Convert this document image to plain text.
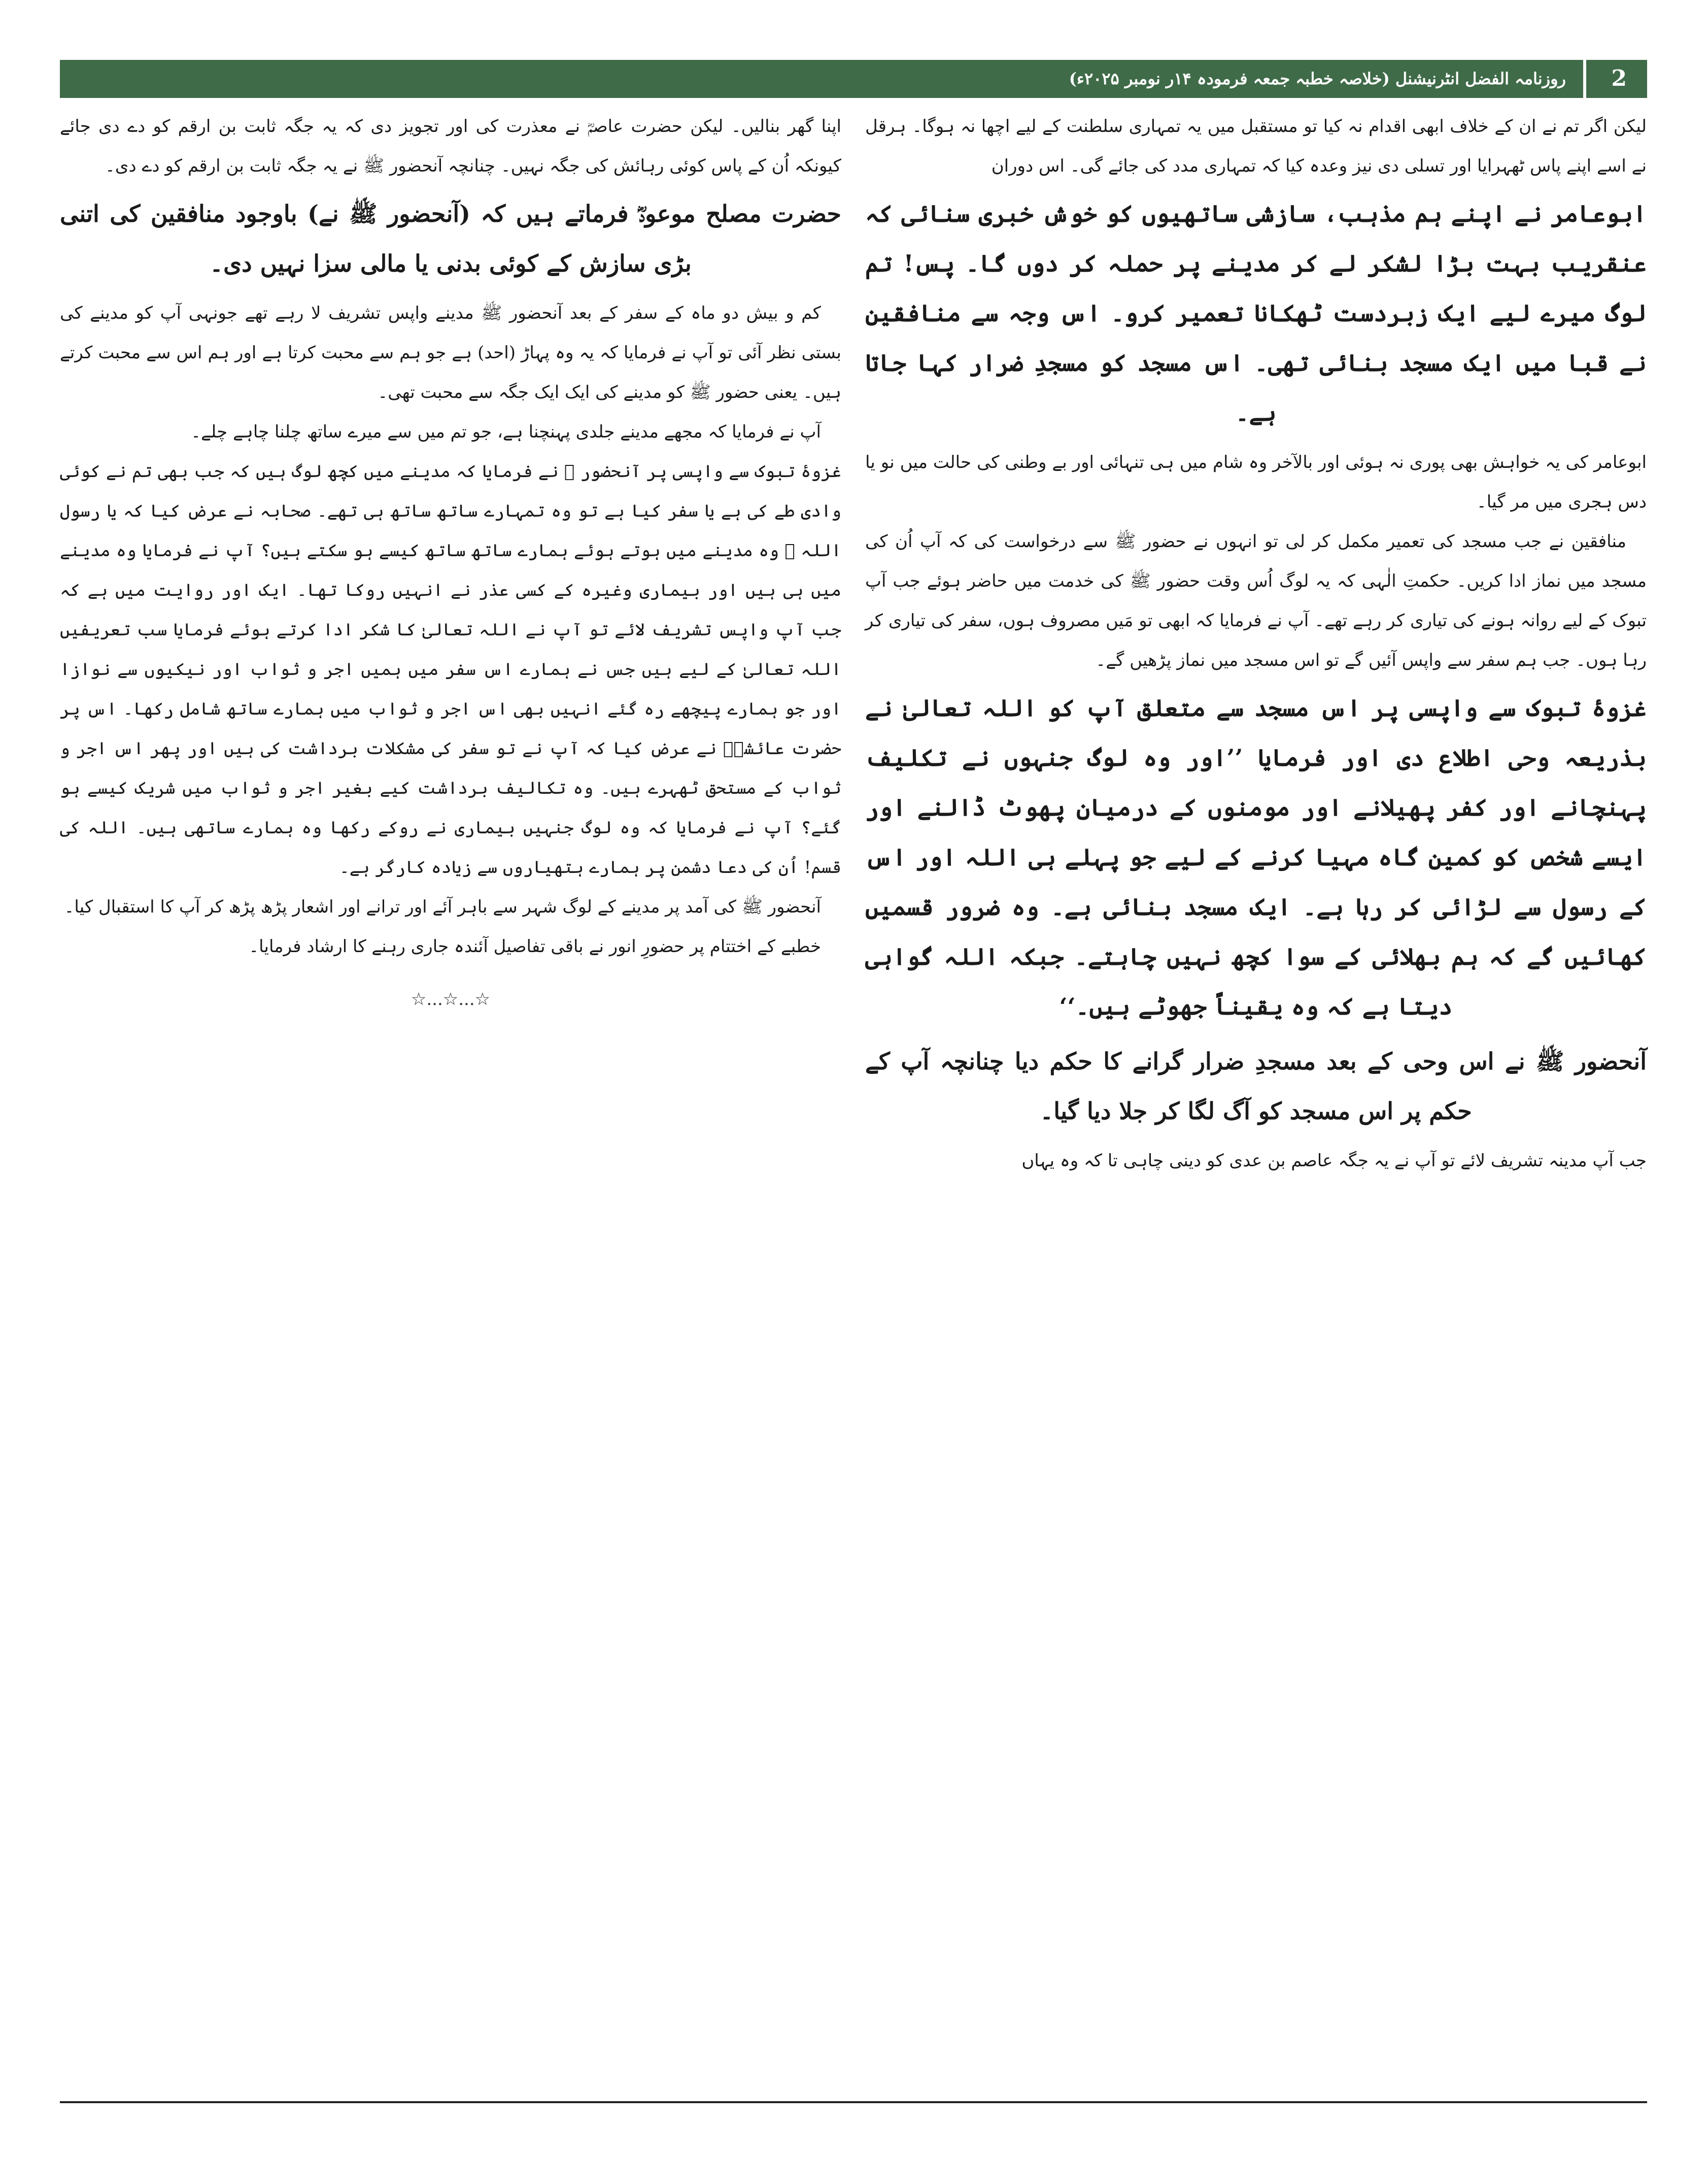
2
روزنامہ الفضل انٹرنیشنل (خلاصہ خطبہ جمعہ فرمودہ ۱۴ر نومبر ۲۰۲۵ء)

لیکن اگر تم نے ان کے خلاف ابھی اقدام نہ کیا تو مستقبل میں یہ تمہاری سلطنت کے لیے اچھا نہ ہوگا۔ ہرقل نے اسے اپنے پاس ٹھہرایا اور تسلی دی نیز وعدہ کیا کہ تمہاری مدد کی جائے گی۔ اس دوران

ابوعامر نے اپنے ہم مذہب، سازشی ساتھیوں کو خوش خبری سنائی کہ عنقریب بہت بڑا لشکر لے کر مدینے پر حملہ کر دوں گا۔ پس! تم لوگ میرے لیے ایک زبردست ٹھکانا تعمیر کرو۔ اس وجہ سے منافقین نے قبا میں ایک مسجد بنائی تھی۔ اس مسجد کو مسجدِ ضرار کہا جاتا ہے۔

ابوعامر کی یہ خواہش بھی پوری نہ ہوئی اور بالآخر وہ شام میں ہی تنہائی اور بے وطنی کی حالت میں نو یا دس ہجری میں مر گیا۔

منافقین نے جب مسجد کی تعمیر مکمل کر لی تو انہوں نے حضور ﷺ سے درخواست کی کہ آپ اُن کی مسجد میں نماز ادا کریں۔ حکمتِ الٰہی کہ یہ لوگ اُس وقت حضور ﷺ کی خدمت میں حاضر ہوئے جب آپ تبوک کے لیے روانہ ہونے کی تیاری کر رہے تھے۔ آپ نے فرمایا کہ ابھی تو مَیں مصروف ہوں، سفر کی تیاری کر رہا ہوں۔ جب ہم سفر سے واپس آئیں گے تو اس مسجد میں نماز پڑھیں گے۔

غزوۂ تبوک سے واپسی پر اس مسجد سے متعلق آپ کو اللہ تعالیٰ نے بذریعہ وحی اطلاع دی اور فرمایا ’’اور وہ لوگ جنہوں نے تکلیف پہنچانے اور کفر پھیلانے اور مومنوں کے درمیان پھوٹ ڈالنے اور ایسے شخص کو کمین گاہ مہیا کرنے کے لیے جو پہلے ہی اللہ اور اس کے رسول سے لڑائی کر رہا ہے۔ ایک مسجد بنائی ہے۔ وہ ضرور قسمیں کھائیں گے کہ ہم بھلائی کے سوا کچھ نہیں چاہتے۔ جبکہ اللہ گواہی دیتا ہے کہ وہ یقیناً جھوٹے ہیں۔‘‘

آنحضور ﷺ نے اس وحی کے بعد مسجدِ ضرار گرانے کا حکم دیا چنانچہ آپ کے حکم پر اس مسجد کو آگ لگا کر جلا دیا گیا۔

جب آپ مدینہ تشریف لائے تو آپ نے یہ جگہ عاصم بن عدی کو دینی چاہی تا کہ وہ یہاں

اپنا گھر بنالیں۔ لیکن حضرت عاصمؓ نے معذرت کی اور تجویز دی کہ یہ جگہ ثابت بن ارقم کو دے دی جائے کیونکہ اُن کے پاس کوئی رہائش کی جگہ نہیں۔ چنانچہ آنحضور ﷺ نے یہ جگہ ثابت بن ارقم کو دے دی۔

حضرت مصلح موعودؓ فرماتے ہیں کہ (آنحضور ﷺ نے) باوجود منافقین کی اتنی بڑی سازش کے کوئی بدنی یا مالی سزا نہیں دی۔

کم و بیش دو ماہ کے سفر کے بعد آنحضور ﷺ مدینے واپس تشریف لا رہے تھے جونہی آپ کو مدینے کی بستی نظر آئی تو آپ نے فرمایا کہ یہ وہ پہاڑ (احد) ہے جو ہم سے محبت کرتا ہے اور ہم اس سے محبت کرتے ہیں۔ یعنی حضور ﷺ کو مدینے کی ایک ایک جگہ سے محبت تھی۔

آپ نے فرمایا کہ مجھے مدینے جلدی پہنچنا ہے، جو تم میں سے میرے ساتھ چلنا چاہے چلے۔

غزوۂ تبوک سے واپسی پر آنحضور ﷺ نے فرمایا کہ مدینے میں کچھ لوگ ہیں کہ جب بھی تم نے کوئی وادی طے کی ہے یا سفر کیا ہے تو وہ تمہارے ساتھ ساتھ ہی تھے۔ صحابہ نے عرض کیا کہ یا رسول اللہ ﷺ وہ مدینے میں ہوتے ہوئے ہمارے ساتھ ساتھ کیسے ہو سکتے ہیں؟ آپ نے فرمایا وہ مدینے میں ہی ہیں اور بیماری وغیرہ کے کسی عذر نے انہیں روکا تھا۔ ایک اور روایت میں ہے کہ جب آپ واپس تشریف لائے تو آپ نے اللہ تعالیٰ کا شکر ادا کرتے ہوئے فرمایا سب تعریفیں اللہ تعالیٰ کے لیے ہیں جس نے ہمارے اس سفر میں ہمیں اجر و ثواب اور نیکیوں سے نوازا اور جو ہمارے پیچھے رہ گئے انہیں بھی اس اجر و ثواب میں ہمارے ساتھ شامل رکھا۔ اس پر حضرت عائشہؓ نے عرض کیا کہ آپ نے تو سفر کی مشکلات برداشت کی ہیں اور پھر اس اجر و ثواب کے مستحق ٹھہرے ہیں۔ وہ تکالیف برداشت کیے بغیر اجر و ثواب میں شریک کیسے ہو گئے؟ آپ نے فرمایا کہ وہ لوگ جنہیں بیماری نے روکے رکھا وہ ہمارے ساتھی ہیں۔ اللہ کی قسم! اُن کی دعا دشمن پر ہمارے ہتھیاروں سے زیادہ کارگر ہے۔

آنحضور ﷺ کی آمد پر مدینے کے لوگ شہر سے باہر آئے اور ترانے اور اشعار پڑھ پڑھ کر آپ کا استقبال کیا۔

خطبے کے اختتام پر حضورِ انور نے باقی تفاصیل آئندہ جاری رہنے کا ارشاد فرمایا۔

☆...☆...☆
